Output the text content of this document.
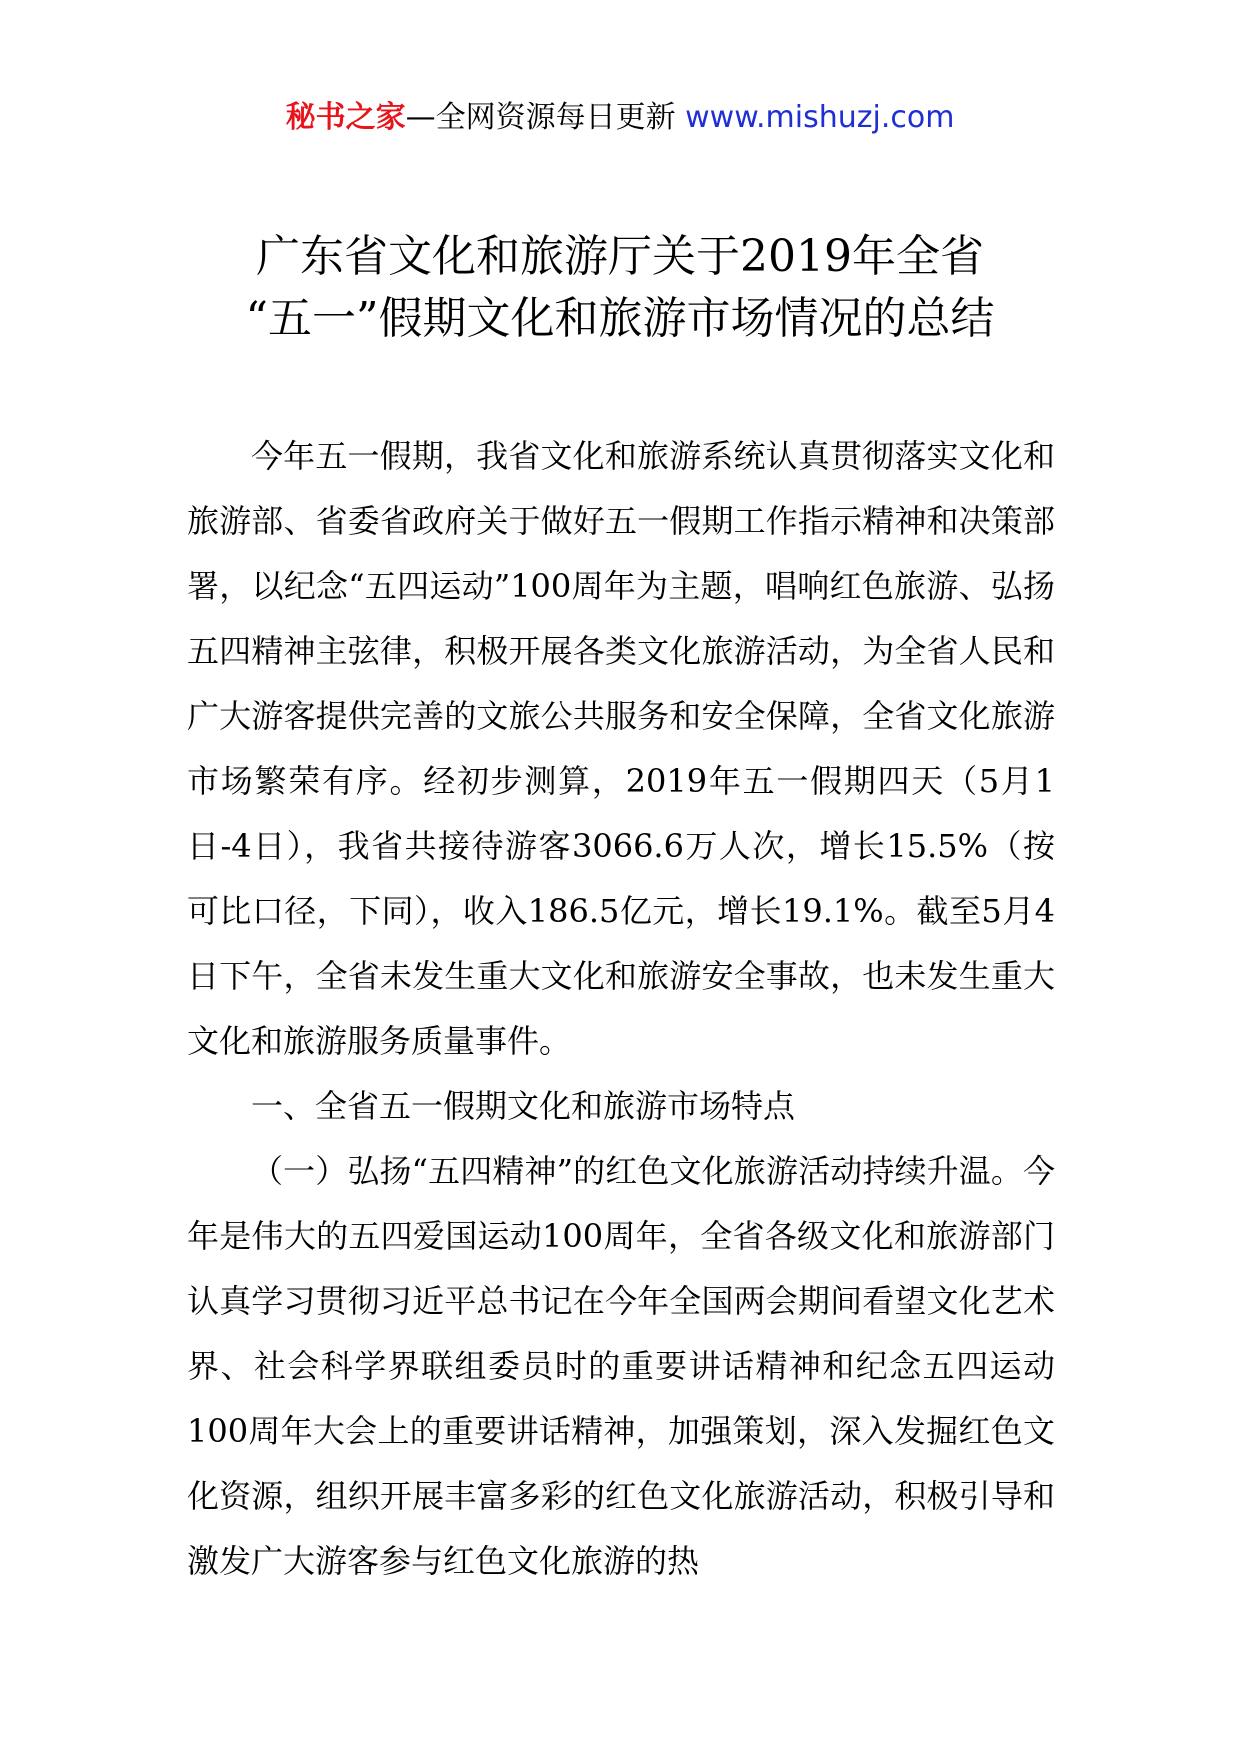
秘书之家—全网资源每日更新 www.mishuzj.com
广东省文化和旅游厅关于2019年全省
“五一”假期文化和旅游市场情况的总结

今年五一假期，我省文化和旅游系统认真贯彻落实文化和旅游部、省委省政府关于做好五一假期工作指示精神和决策部署，以纪念“五四运动”100周年为主题，唱响红色旅游、弘扬五四精神主弦律，积极开展各类文化旅游活动，为全省人民和广大游客提供完善的文旅公共服务和安全保障，全省文化旅游市场繁荣有序。经初步测算，2019年五一假期四天（5月1日-4日），我省共接待游客3066.6万人次，增长15.5%（按可比口径，下同），收入186.5亿元，增长19.1%。截至5月4日下午，全省未发生重大文化和旅游安全事故，也未发生重大文化和旅游服务质量事件。

一、全省五一假期文化和旅游市场特点

（一）弘扬“五四精神”的红色文化旅游活动持续升温。今年是伟大的五四爱国运动100周年，全省各级文化和旅游部门认真学习贯彻习近平总书记在今年全国两会期间看望文化艺术界、社会科学界联组委员时的重要讲话精神和纪念五四运动100周年大会上的重要讲话精神，加强策划，深入发掘红色文化资源，组织开展丰富多彩的红色文化旅游活动，积极引导和激发广大游客参与红色文化旅游的热
